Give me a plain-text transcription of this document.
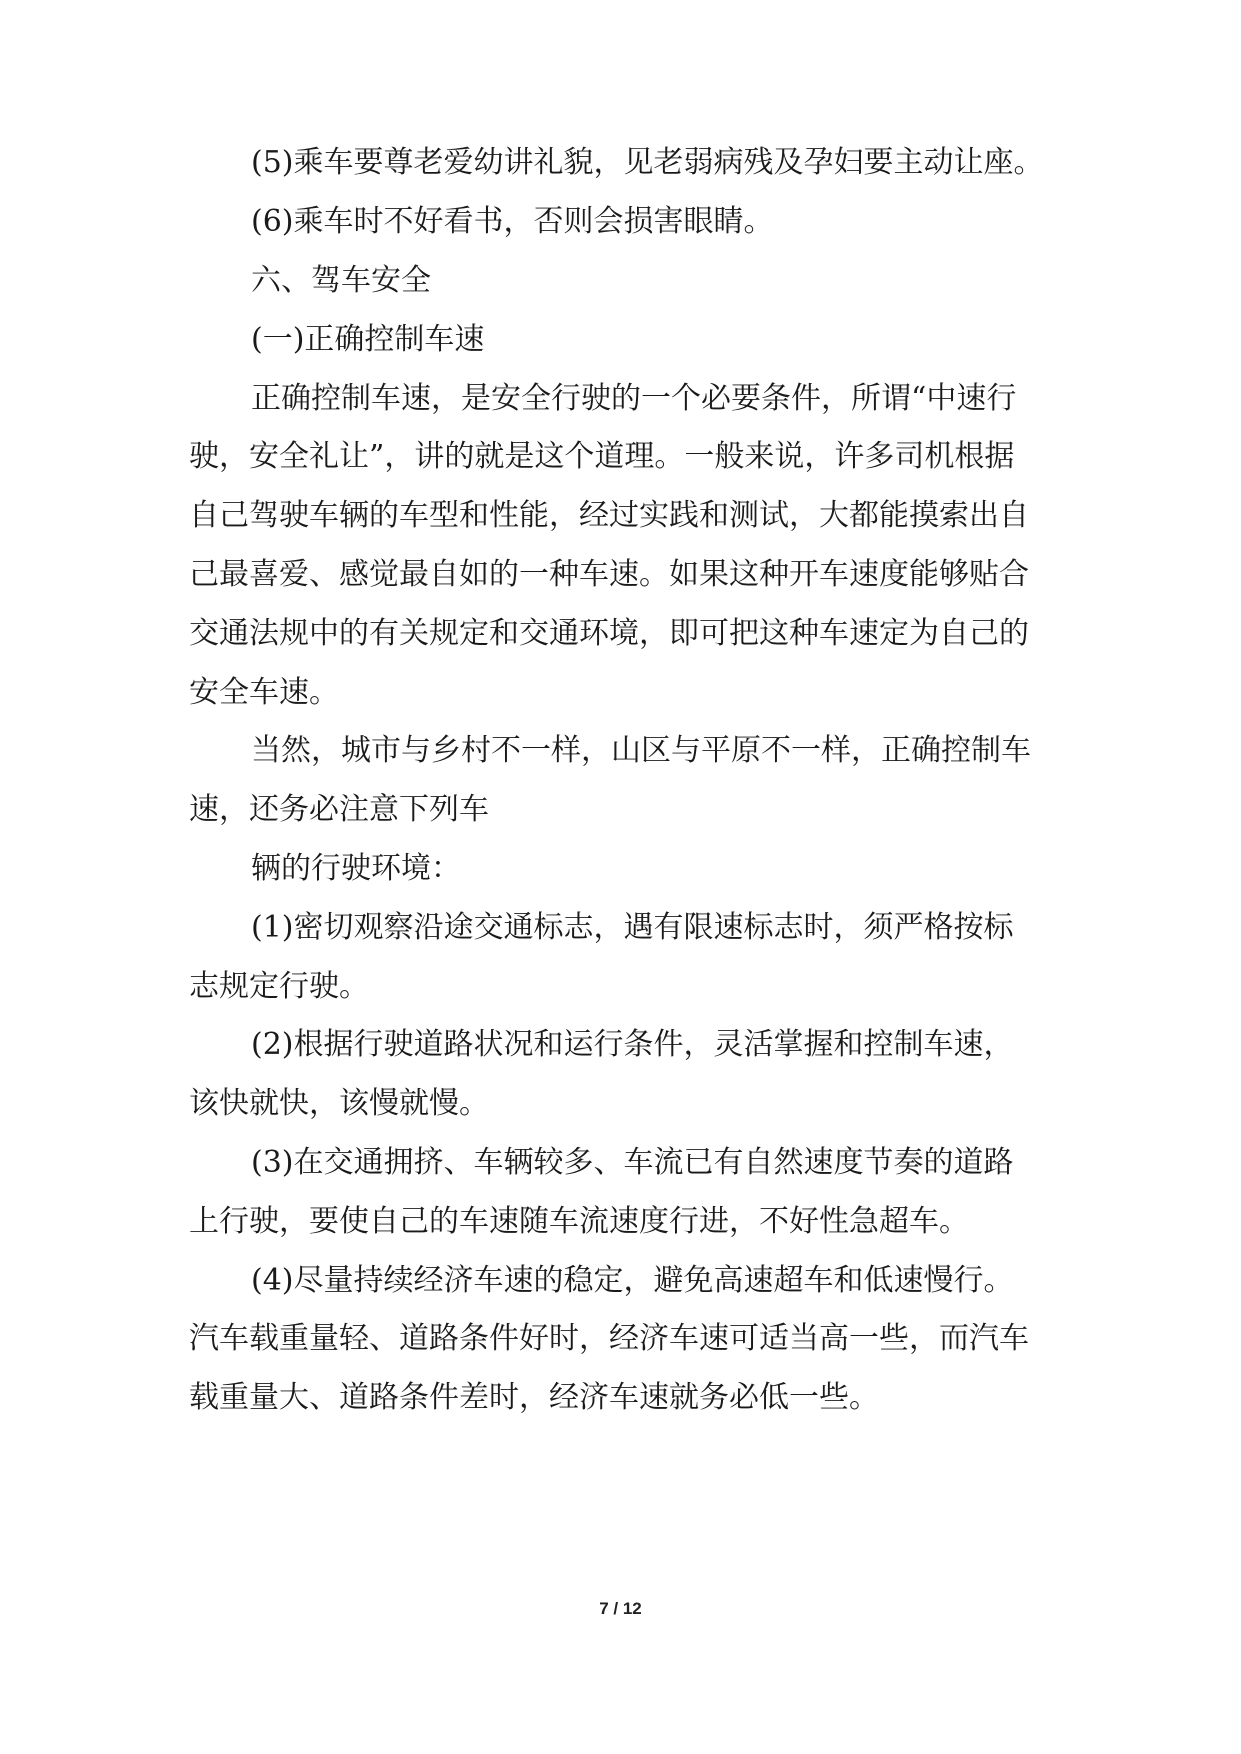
(5)乘车要尊老爱幼讲礼貌，见老弱病残及孕妇要主动让座。
(6)乘车时不好看书，否则会损害眼睛。
六、驾车安全
(一)正确控制车速
正确控制车速，是安全行驶的一个必要条件，所谓“中速行
驶，安全礼让”，讲的就是这个道理。一般来说，许多司机根据
自己驾驶车辆的车型和性能，经过实践和测试，大都能摸索出自
己最喜爱、感觉最自如的一种车速。如果这种开车速度能够贴合
交通法规中的有关规定和交通环境，即可把这种车速定为自己的
安全车速。
当然，城市与乡村不一样，山区与平原不一样，正确控制车
速，还务必注意下列车
辆的行驶环境：
(1)密切观察沿途交通标志，遇有限速标志时，须严格按标
志规定行驶。
(2)根据行驶道路状况和运行条件，灵活掌握和控制车速，
该快就快，该慢就慢。
(3)在交通拥挤、车辆较多、车流已有自然速度节奏的道路
上行驶，要使自己的车速随车流速度行进，不好性急超车。
(4)尽量持续经济车速的稳定，避免高速超车和低速慢行。
汽车载重量轻、道路条件好时，经济车速可适当高一些，而汽车
载重量大、道路条件差时，经济车速就务必低一些。
7 / 12
